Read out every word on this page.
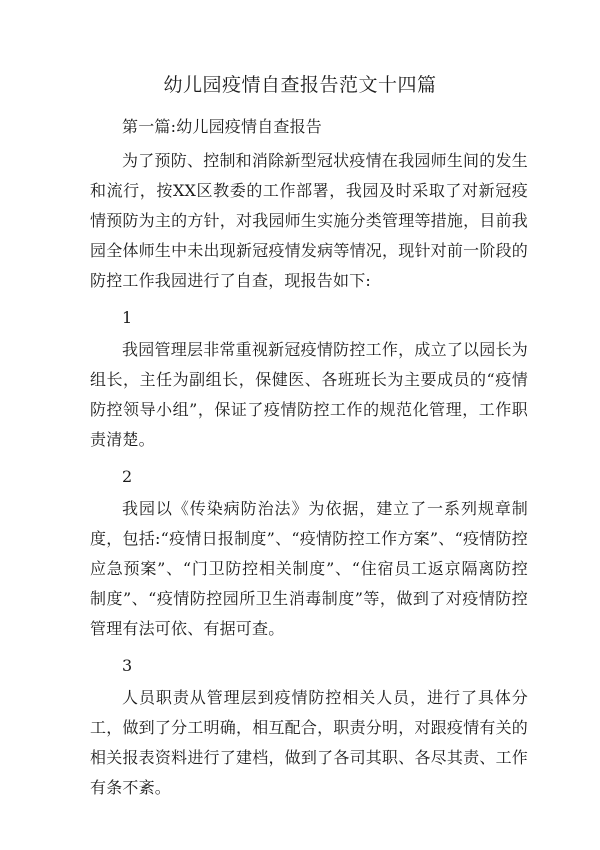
幼儿园疫情自查报告范文十四篇

第一篇:幼儿园疫情自查报告

为了预防、控制和消除新型冠状疫情在我园师生间的发生和流行，按XX区教委的工作部署，我园及时采取了对新冠疫情预防为主的方针，对我园师生实施分类管理等措施，目前我园全体师生中未出现新冠疫情发病等情况，现针对前一阶段的防控工作我园进行了自查，现报告如下:

1

我园管理层非常重视新冠疫情防控工作，成立了以园长为组长，主任为副组长，保健医、各班班长为主要成员的“疫情防控领导小组”，保证了疫情防控工作的规范化管理，工作职责清楚。

2

我园以《传染病防治法》为依据，建立了一系列规章制度，包括:“疫情日报制度”、“疫情防控工作方案”、“疫情防控应急预案”、“门卫防控相关制度”、“住宿员工返京隔离防控制度”、“疫情防控园所卫生消毒制度”等，做到了对疫情防控管理有法可依、有据可查。

3

人员职责从管理层到疫情防控相关人员，进行了具体分工，做到了分工明确，相互配合，职责分明，对跟疫情有关的相关报表资料进行了建档，做到了各司其职、各尽其责、工作有条不紊。
